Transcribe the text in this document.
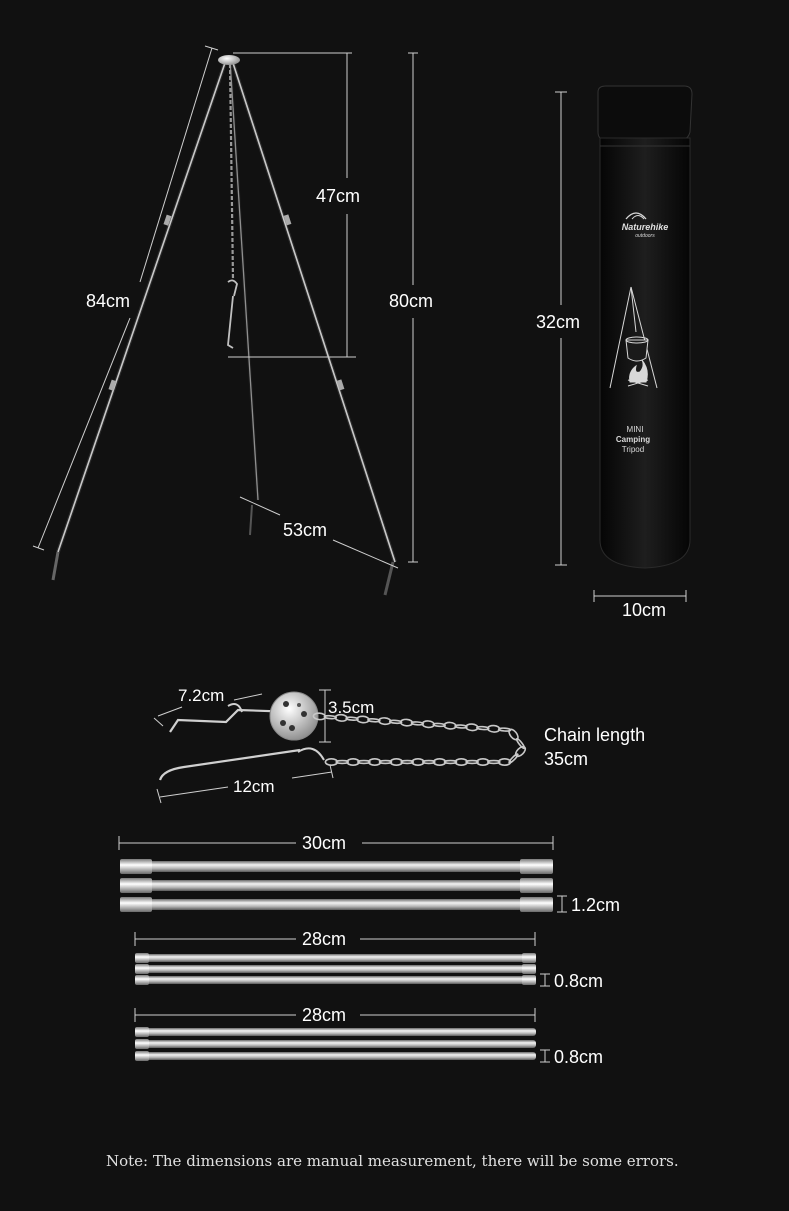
47cm
84cm	80cm
53cm
32cm
10cm
Naturehike
outdoors
MINI
Camping
Tripod
7.2cm
3.5cm
12cm
Chain length
35cm
30cm
1.2cm
28cm
0.8cm
28cm
0.8cm
Note: The dimensions are manual measurement, there will be some errors.
